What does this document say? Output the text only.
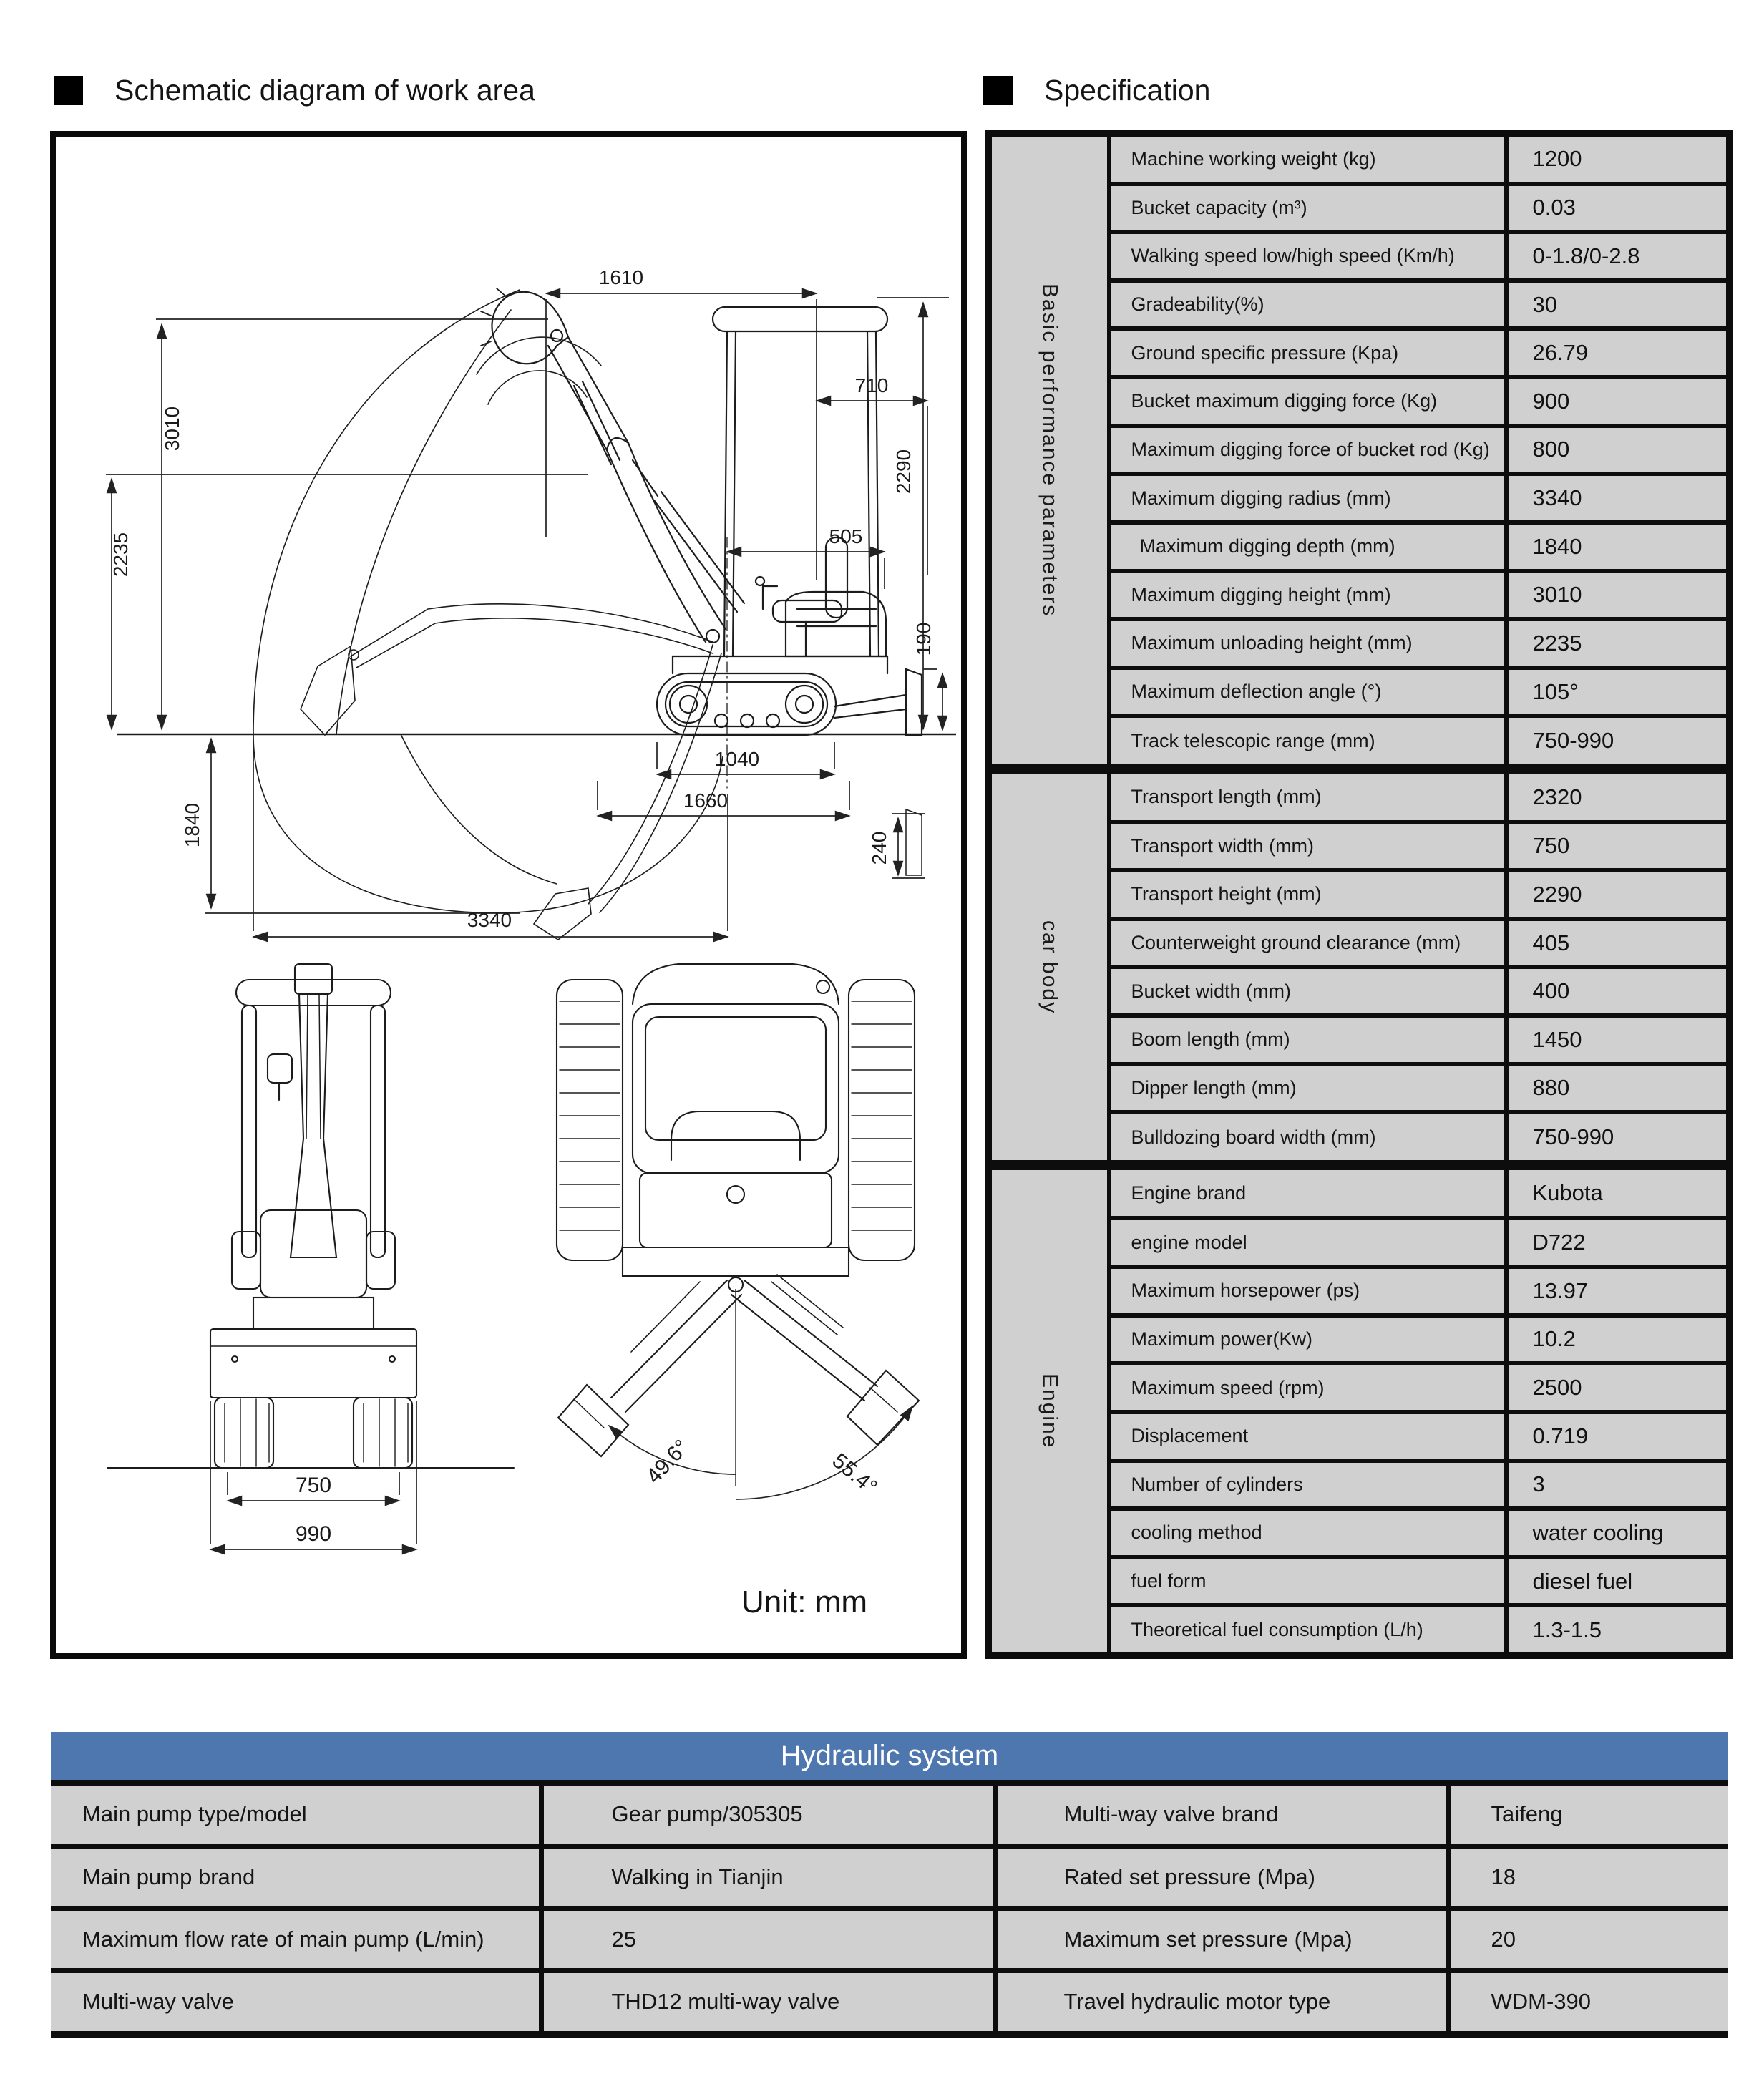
Schematic diagram of work area	Specification
1610
3010
2235
710
2290
505
190
1040
1660
240
1840
3340
750
990
49.6°	55.4°
Unit: mm
Basic performance parameters	Machine working weight (kg)	1200
	Bucket capacity (m³)	0.03
	Walking speed low/high speed (Km/h)	0-1.8/0-2.8
	Gradeability(%)	30
	Ground specific pressure (Kpa)	26.79
	Bucket maximum digging force (Kg)	900
	Maximum digging force of bucket rod (Kg)	800
	Maximum digging radius (mm)	3340
	Maximum digging depth (mm)	1840
	Maximum digging height (mm)	3010
	Maximum unloading height (mm)	2235
	Maximum deflection angle (°)	105°
	Track telescopic range (mm)	750-990
car body	Transport length (mm)	2320
	Transport width (mm)	750
	Transport height (mm)	2290
	Counterweight ground clearance (mm)	405
	Bucket width (mm)	400
	Boom length (mm)	1450
	Dipper length (mm)	880
	Bulldozing board width (mm)	750-990
Engine	Engine brand	Kubota
	engine model	D722
	Maximum horsepower (ps)	13.97
	Maximum power(Kw)	10.2
	Maximum speed (rpm)	2500
	Displacement	0.719
	Number of cylinders	3
	cooling method	water cooling
	fuel form	diesel fuel
	Theoretical fuel consumption (L/h)	1.3-1.5
Hydraulic system
Main pump type/model	Gear pump/305305	Multi-way valve brand	Taifeng
Main pump brand	Walking in Tianjin	Rated set pressure (Mpa)	18
Maximum flow rate of main pump (L/min)	25	Maximum set pressure (Mpa)	20
Multi-way valve	THD12 multi-way valve	Travel hydraulic motor type	WDM-390
